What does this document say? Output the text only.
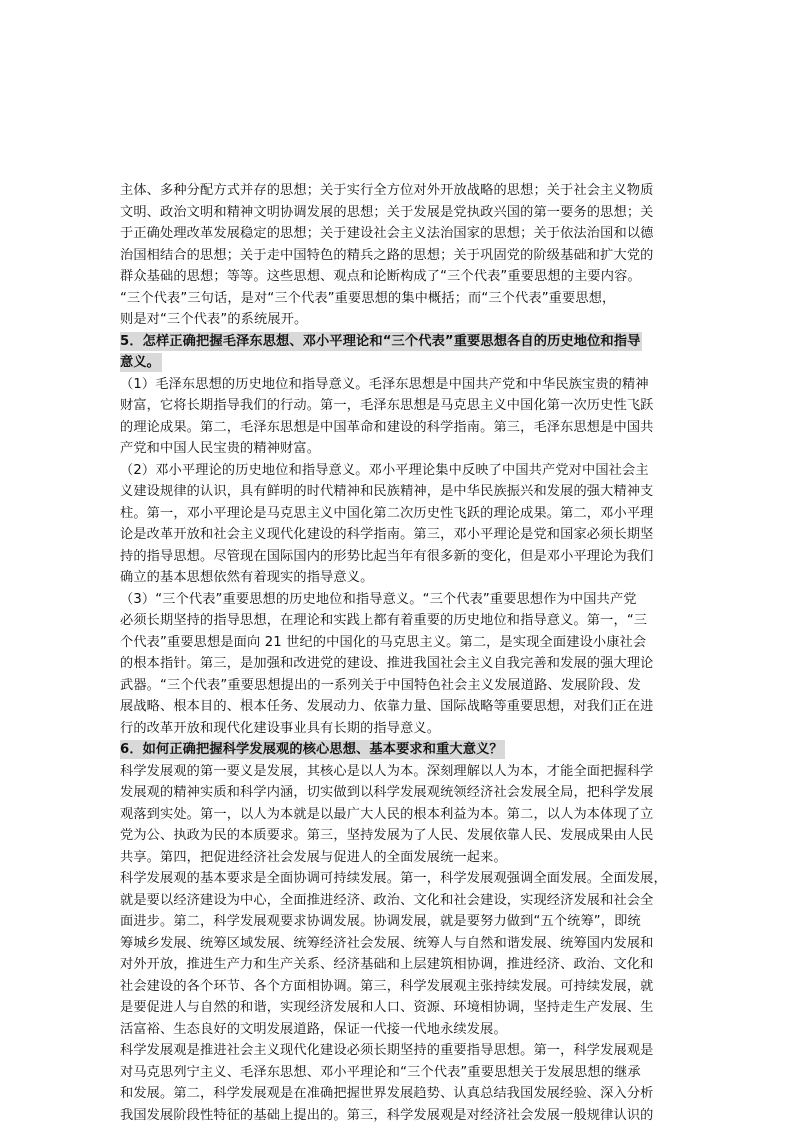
主体、多种分配方式并存的思想；关于实行全方位对外开放战略的思想；关于社会主义物质
文明、政治文明和精神文明协调发展的思想；关于发展是党执政兴国的第一要务的思想；关
于正确处理改革发展稳定的思想；关于建设社会主义法治国家的思想；关于依法治国和以德
治国相结合的思想；关于走中国特色的精兵之路的思想；关于巩固党的阶级基础和扩大党的
群众基础的思想；等等。这些思想、观点和论断构成了“三个代表”重要思想的主要内容。
“三个代表”三句话，是对“三个代表”重要思想的集中概括；而“三个代表”重要思想，
则是对“三个代表”的系统展开。
5．怎样正确把握毛泽东思想、邓小平理论和“三个代表”重要思想各自的历史地位和指导
意义。
（1）毛泽东思想的历史地位和指导意义。毛泽东思想是中国共产党和中华民族宝贵的精神
财富，它将长期指导我们的行动。第一，毛泽东思想是马克思主义中国化第一次历史性飞跃
的理论成果。第二，毛泽东思想是中国革命和建设的科学指南。第三，毛泽东思想是中国共
产党和中国人民宝贵的精神财富。
（2）邓小平理论的历史地位和指导意义。邓小平理论集中反映了中国共产党对中国社会主
义建设规律的认识，具有鲜明的时代精神和民族精神，是中华民族振兴和发展的强大精神支
柱。第一，邓小平理论是马克思主义中国化第二次历史性飞跃的理论成果。第二，邓小平理
论是改革开放和社会主义现代化建设的科学指南。第三，邓小平理论是党和国家必须长期坚
持的指导思想。尽管现在国际国内的形势比起当年有很多新的变化，但是邓小平理论为我们
确立的基本思想依然有着现实的指导意义。
（3）“三个代表”重要思想的历史地位和指导意义。“三个代表”重要思想作为中国共产党
必须长期坚持的指导思想，在理论和实践上都有着重要的历史地位和指导意义。第一，“三
个代表”重要思想是面向 21 世纪的中国化的马克思主义。第二，是实现全面建设小康社会
的根本指针。第三，是加强和改进党的建设、推进我国社会主义自我完善和发展的强大理论
武器。“三个代表”重要思想提出的一系列关于中国特色社会主义发展道路、发展阶段、发
展战略、根本目的、根本任务、发展动力、依靠力量、国际战略等重要思想，对我们正在进
行的改革开放和现代化建设事业具有长期的指导意义。
6．如何正确把握科学发展观的核心思想、基本要求和重大意义？
科学发展观的第一要义是发展，其核心是以人为本。深刻理解以人为本，才能全面把握科学
发展观的精神实质和科学内涵，切实做到以科学发展观统领经济社会发展全局，把科学发展
观落到实处。第一，以人为本就是以最广大人民的根本利益为本。第二，以人为本体现了立
党为公、执政为民的本质要求。第三，坚持发展为了人民、发展依靠人民、发展成果由人民
共享。第四，把促进经济社会发展与促进人的全面发展统一起来。
科学发展观的基本要求是全面协调可持续发展。第一，科学发展观强调全面发展。全面发展，
就是要以经济建设为中心，全面推进经济、政治、文化和社会建设，实现经济发展和社会全
面进步。第二，科学发展观要求协调发展。协调发展，就是要努力做到“五个统筹”，即统
筹城乡发展、统筹区域发展、统筹经济社会发展、统筹人与自然和谐发展、统筹国内发展和
对外开放，推进生产力和生产关系、经济基础和上层建筑相协调，推进经济、政治、文化和
社会建设的各个环节、各个方面相协调。第三，科学发展观主张持续发展。可持续发展，就
是要促进人与自然的和谐，实现经济发展和人口、资源、环境相协调，坚持走生产发展、生
活富裕、生态良好的文明发展道路，保证一代接一代地永续发展。
科学发展观是推进社会主义现代化建设必须长期坚持的重要指导思想。第一，科学发展观是
对马克思列宁主义、毛泽东思想、邓小平理论和“三个代表”重要思想关于发展思想的继承
和发展。第二，科学发展观是在准确把握世界发展趋势、认真总结我国发展经验、深入分析
我国发展阶段性特征的基础上提出的。第三，科学发展观是对经济社会发展一般规律认识的
